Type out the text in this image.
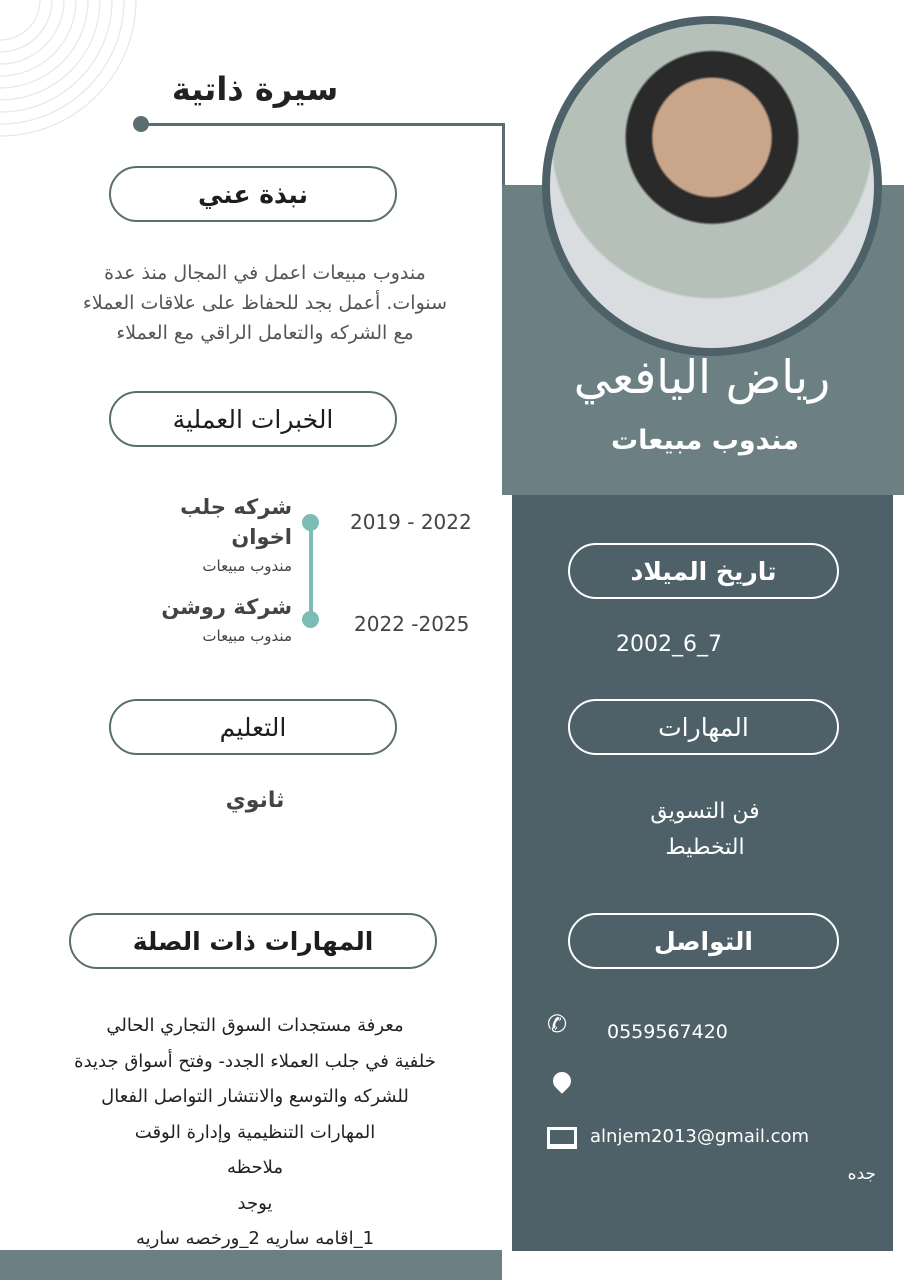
سيرة ذاتية
رياض اليافعي
مندوب مبيعات
نبذة عني
مندوب مبيعات اعمل في المجال منذ عدة
سنوات. أعمل بجد للحفاظ على علاقات العملاء
مع الشركه والتعامل الراقي مع العملاء
الخبرات العملية
شركه جلب
اخوان
مندوب مبيعات
2019 - 2022
شركة روشن
مندوب مبيعات	2022 -2025
التعليم
ثانوي
المهارات ذات الصلة
معرفة مستجدات السوق التجاري الحالي
خلفية في جلب العملاء الجدد- وفتح أسواق جديدة
للشركه والتوسع والانتشار التواصل الفعال
المهارات التنظيمية وإدارة الوقت
ملاحظه
يوجد
1_اقامه ساريه 2_ورخصه ساريه
تاريخ الميلاد
2002_6_7
المهارات
فن التسويق
التخطيط
التواصل
✆ 0559567420
alnjem2013@gmail.com
جده
